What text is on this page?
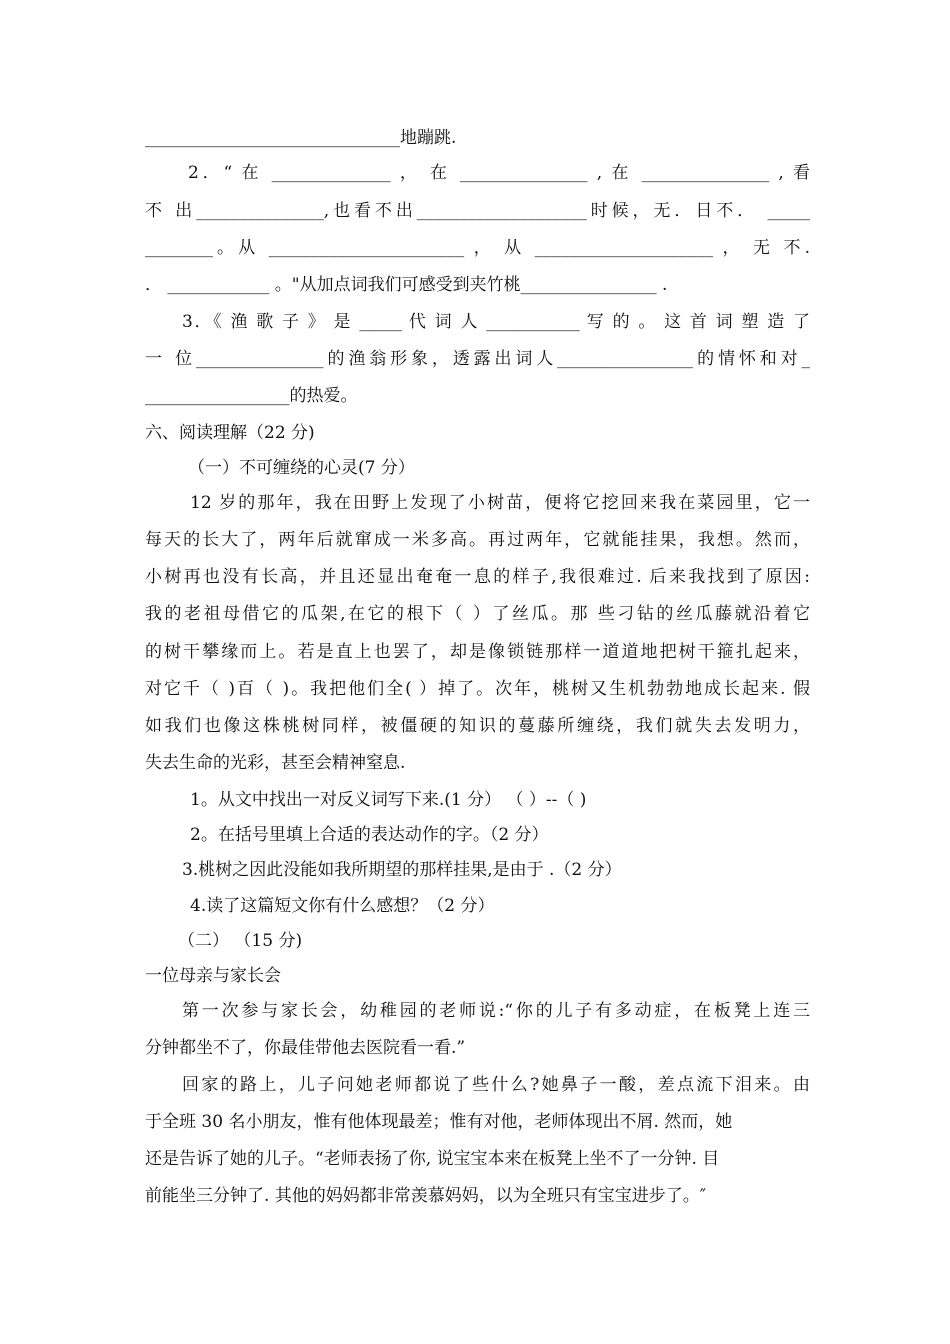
______________________________地蹦跳.
2．“ 在 ______________ ， 在 _______________ , 在 _______________ , 看
不 出_______________,也看不出____________________时候，无．日不． _____
________。从 _______________________ ， 从 _____________________ ， 无 不.
． ____________ 。"从加点词我们可感受到夹竹桃________________ .
3．《 渔 歌 子 》 是 _____ 代 词 人 ___________ 写 的 。 这 首 词 塑 造 了
一 位_______________的渔翁形象，透露出词人________________的情怀和对_
_________________的热爱。
六、阅读理解（22 分)
（一）不可缠绕的心灵(7 分）
12 岁的那年，我在田野上发现了小树苗，便将它挖回来我在菜园里，它一
每天的长大了，两年后就窜成一米多高。再过两年，它就能挂果，我想。然而，
小树再也没有长高，并且还显出奄奄一息的样子,我很难过. 后来我找到了原因:
我的老祖母借它的瓜架,在它的根下（ ）了丝瓜。那 些刁钻的丝瓜藤就沿着它
的树干攀缘而上。若是直上也罢了，却是像锁链那样一道道地把树干箍扎起来，
对它千（ )百（ )。我把他们全( ）掉了。次年，桃树又生机勃勃地成长起来. 假
如我们也像这株桃树同样，被僵硬的知识的蔓藤所缠绕，我们就失去发明力，
失去生命的光彩，甚至会精神窒息.
1。从文中找出一对反义词写下来.(1 分） （ ）--（ )
2。在括号里填上合适的表达动作的字。（2 分）
3.桃树之因此没能如我所期望的那样挂果,是由于 .（2 分）
4.读了这篇短文你有什么感想？（2 分）
（二） （15 分)
一位母亲与家长会
第一次参与家长会，幼稚园的老师说:“你的儿子有多动症，在板凳上连三
分钟都坐不了，你最佳带他去医院看一看.”
回家的路上，儿子问她老师都说了些什么?她鼻子一酸，差点流下泪来。由
于全班 30 名小朋友，惟有他体现最差；惟有对他，老师体现出不屑. 然而，她
还是告诉了她的儿子。“老师表扬了你, 说宝宝本来在板凳上坐不了一分钟. 目
前能坐三分钟了. 其他的妈妈都非常羡慕妈妈，以为全班只有宝宝进步了。″
